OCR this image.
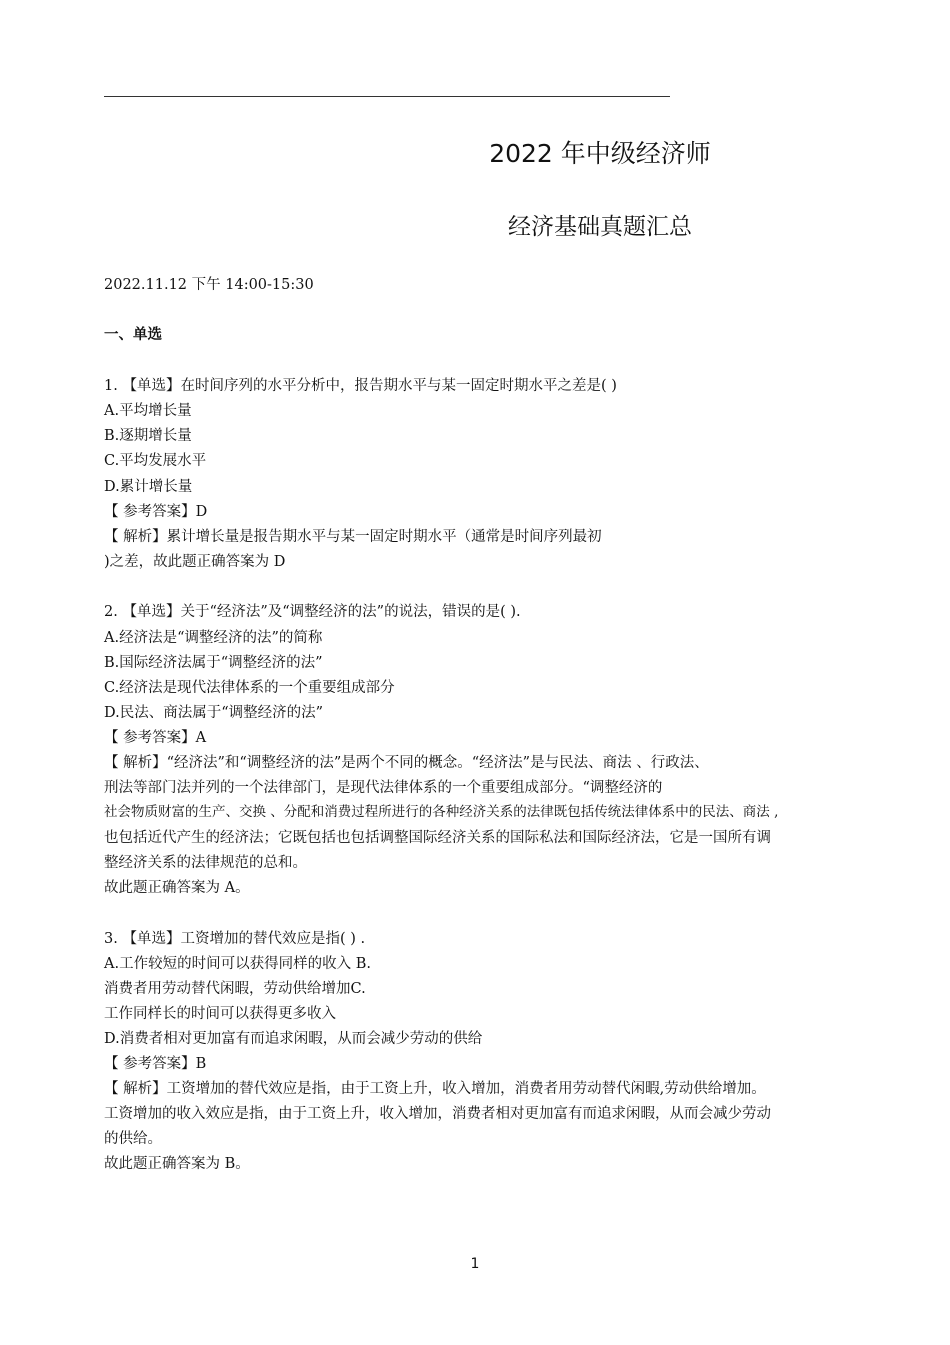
2022 年中级经济师
经济基础真题汇总
2022.11.12 下午 14:00-15:30
一、单选
1. 【单选】在时间序列的水平分析中，报告期水平与某一固定时期水平之差是( )
A.平均增长量
B.逐期增长量
C.平均发展水平
D.累计增长量
【 参考答案】D
【 解析】累计增长量是报告期水平与某一固定时期水平（通常是时间序列最初
)之差，故此题正确答案为 D
2. 【单选】关于“经济法”及“调整经济的法”的说法，错误的是( ).
A.经济法是“调整经济的法”的简称
B.国际经济法属于“调整经济的法”
C.经济法是现代法律体系的一个重要组成部分
D.民法、商法属于“调整经济的法”
【 参考答案】A
【 解析】“经济法”和“调整经济的法”是两个不同的概念。“经济法”是与民法、商法 、行政法、
刑法等部门法并列的一个法律部门，是现代法律体系的一个重要组成部分。“调整经济的
社会物质财富的生产、交换 、分配和消费过程所进行的各种经济关系的法律既包括传统法律体系中的民法、商法 ,
也包括近代产生的经济法；它既包括也包括调整国际经济关系的国际私法和国际经济法，它是一国所有调
整经济关系的法律规范的总和。
故此题正确答案为 A。
3. 【单选】工资增加的替代效应是指( ) .
A.工作较短的时间可以获得同样的收入 B.
消费者用劳动替代闲暇，劳动供给增加C.
工作同样长的时间可以获得更多收入
D.消费者相对更加富有而追求闲暇，从而会减少劳动的供给
【 参考答案】B
【 解析】工资增加的替代效应是指，由于工资上升，收入增加，消费者用劳动替代闲暇,劳动供给增加。
工资增加的收入效应是指，由于工资上升，收入增加，消费者相对更加富有而追求闲暇，从而会减少劳动
的供给。
故此题正确答案为 B。
1
